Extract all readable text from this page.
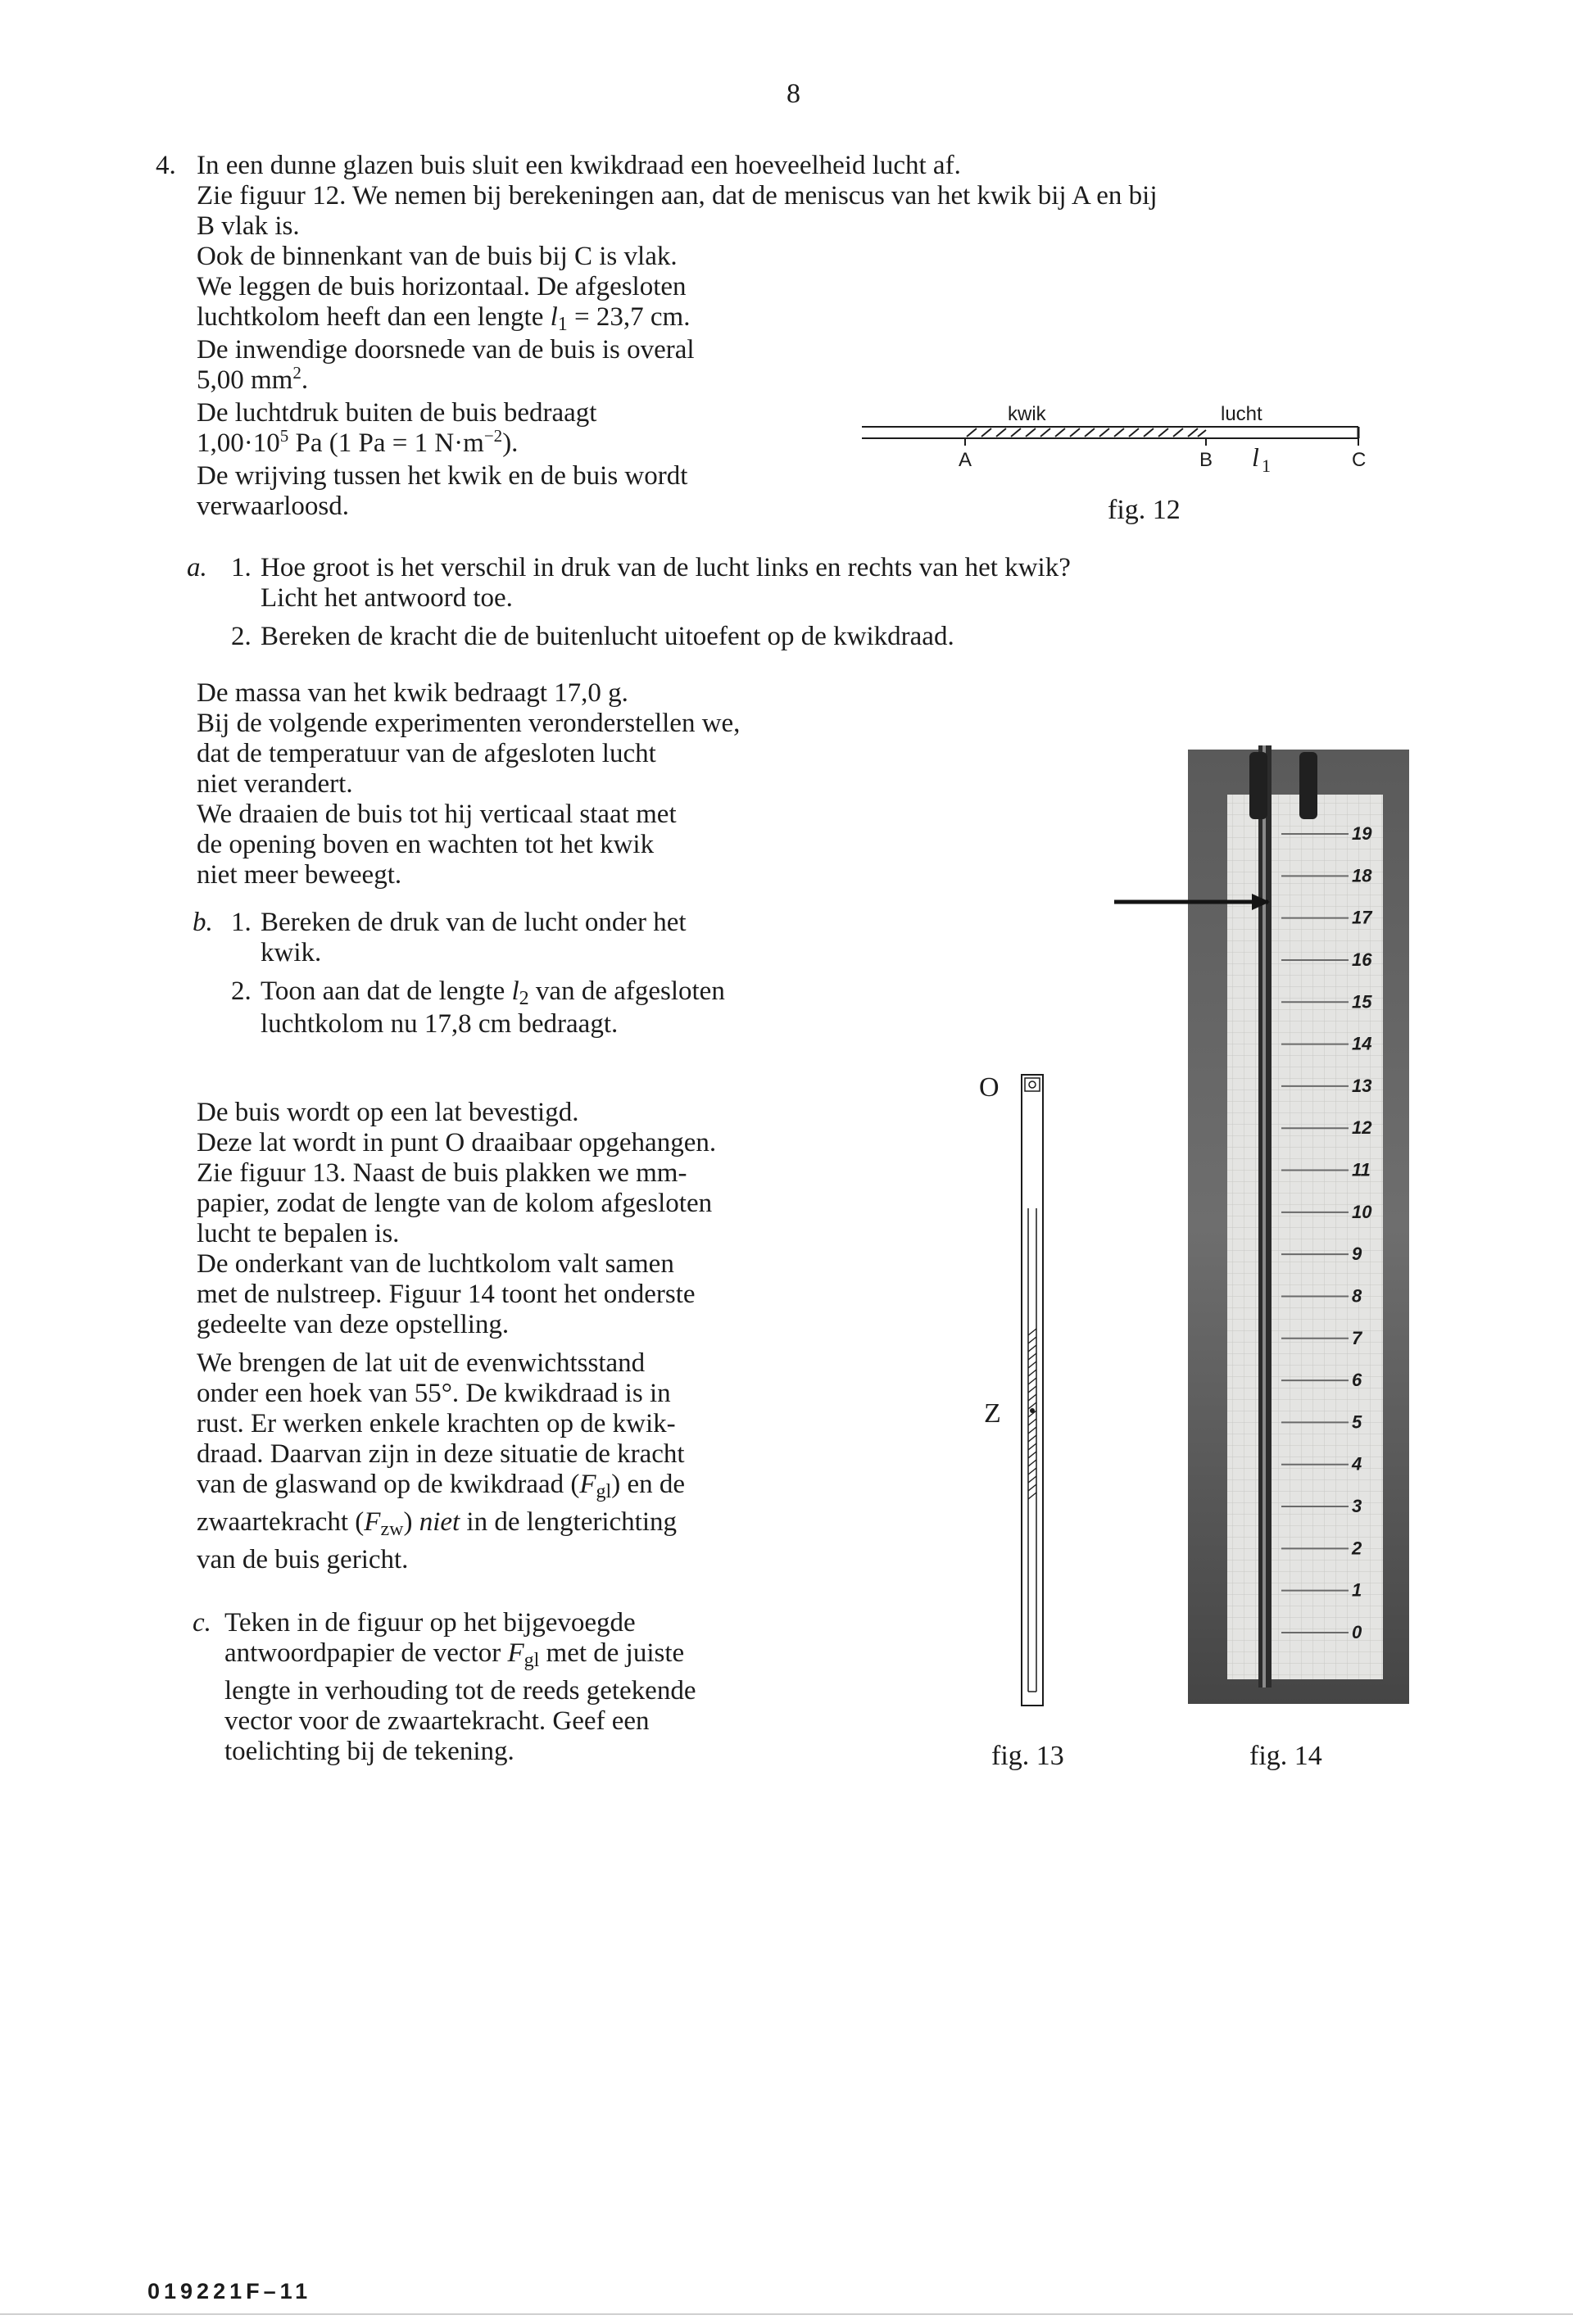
8
4. In een dunne glazen buis sluit een kwikdraad een hoeveelheid lucht af.

Zie figuur 12. We nemen bij berekeningen aan, dat de meniscus van het kwik bij A en bij

B vlak is.

Ook de binnenkant van de buis bij C is vlak.

We leggen de buis horizontaal. De afgesloten

luchtkolom heeft dan een lengte l1 = 23,7 cm.

De inwendige doorsnede van de buis is overal

5,00 $mm^2$.

De luchtdruk buiten de buis bedraagt

$1,00\cdot 10^5$ Pa (1 Pa = 1 $N\cdot m^{-2}$).

De wrijving tussen het kwik en de buis wordt

verwaarloosd.

kwik	lucht
A	B l 1	C
fig. 12
a. 1. Hoe groot is het verschil in druk van de lucht links en rechts van het kwik?

Licht het antwoord toe.

2. Bereken de kracht die de buitenlucht uitoefent op de kwikdraad.

De massa van het kwik bedraagt 17,0 g.

Bij de volgende experimenten veronderstellen we,

dat de temperatuur van de afgesloten lucht

niet verandert.

We draaien de buis tot hij verticaal staat met

de opening boven en wachten tot het kwik

niet meer beweegt.

b. 1. Bereken de druk van de lucht onder het

kwik.

2. Toon aan dat de lengte l2 van de afgesloten

luchtkolom nu 17,8 cm bedraagt.

De buis wordt op een lat bevestigd.

Deze lat wordt in punt O draaibaar opgehangen.

Zie figuur 13. Naast de buis plakken we mm-

papier, zodat de lengte van de kolom afgesloten

lucht te bepalen is.

De onderkant van de luchtkolom valt samen

met de nulstreep. Figuur 14 toont het onderste

gedeelte van deze opstelling.

We brengen de lat uit de evenwichtsstand

onder een hoek van 55°. De kwikdraad is in

rust. Er werken enkele krachten op de kwik-

draad. Daarvan zijn in deze situatie de kracht

van de glaswand op de kwikdraad (Fgl) en de

zwaartekracht (Fzw) niet in de lengterichting

van de buis gericht.

c. Teken in de figuur op het bijgevoegde

antwoordpapier de vector Fgl met de juiste

lengte in verhouding tot de reeds getekende

vector voor de zwaartekracht. Geef een

toelichting bij de tekening.

O
Z
fig. 13
19
18
17
16
15
14
13
12
11
10
9
8
7
6
5
4
3
2
1
0
fig. 14
019221F–11
